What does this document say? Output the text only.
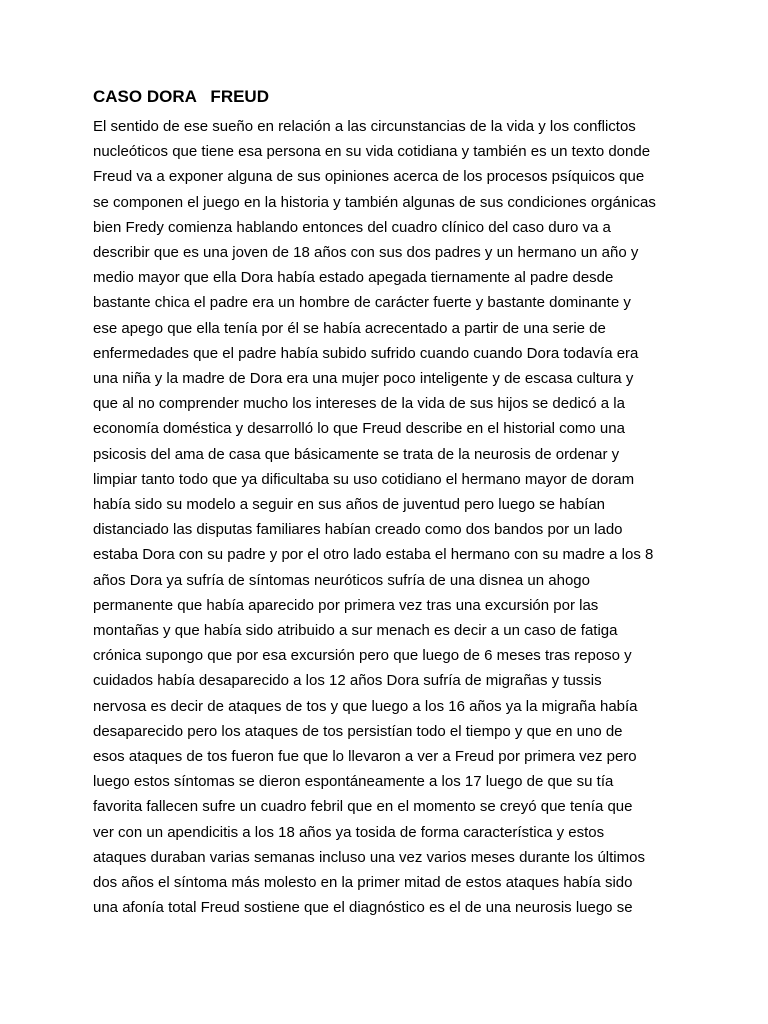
CASO DORA   FREUD
El sentido de ese sueño en relación a las circunstancias de la vida y los conflictos
nucleóticos que tiene esa persona en su vida cotidiana y también es un texto donde
Freud va a exponer alguna de sus opiniones acerca de los procesos psíquicos que
se componen el juego en la historia y también algunas de sus condiciones orgánicas
bien Fredy comienza hablando entonces del cuadro clínico del caso duro va a
describir que es una joven de 18 años con sus dos padres y un hermano un año y
medio mayor que ella Dora había estado apegada tiernamente al padre desde
bastante chica el padre era un hombre de carácter fuerte y bastante dominante y
ese apego que ella tenía por él se había acrecentado a partir de una serie de
enfermedades que el padre había subido sufrido cuando cuando Dora todavía era
una niña y la madre de Dora era una mujer poco inteligente y de escasa cultura y
que al no comprender mucho los intereses de la vida de sus hijos se dedicó a la
economía doméstica y desarrolló lo que Freud describe en el historial como una
psicosis del ama de casa que básicamente se trata de la neurosis de ordenar y
limpiar tanto todo que ya dificultaba su uso cotidiano el hermano mayor de doram
había sido su modelo a seguir en sus años de juventud pero luego se habían
distanciado las disputas familiares habían creado como dos bandos por un lado
estaba Dora con su padre y por el otro lado estaba el hermano con su madre a los 8
años Dora ya sufría de síntomas neuróticos sufría de una disnea un ahogo
permanente que había aparecido por primera vez tras una excursión por las
montañas y que había sido atribuido a sur menach es decir a un caso de fatiga
crónica supongo que por esa excursión pero que luego de 6 meses tras reposo y
cuidados había desaparecido a los 12 años Dora sufría de migrañas y tussis
nervosa es decir de ataques de tos y que luego a los 16 años ya la migraña había
desaparecido pero los ataques de tos persistían todo el tiempo y que en uno de
esos ataques de tos fueron fue que lo llevaron a ver a Freud por primera vez pero
luego estos síntomas se dieron espontáneamente a los 17 luego de que su tía
favorita fallecen sufre un cuadro febril que en el momento se creyó que tenía que
ver con un apendicitis a los 18 años ya tosida de forma característica y estos
ataques duraban varias semanas incluso una vez varios meses durante los últimos
dos años el síntoma más molesto en la primer mitad de estos ataques había sido
una afonía total Freud sostiene que el diagnóstico es el de una neurosis luego se
